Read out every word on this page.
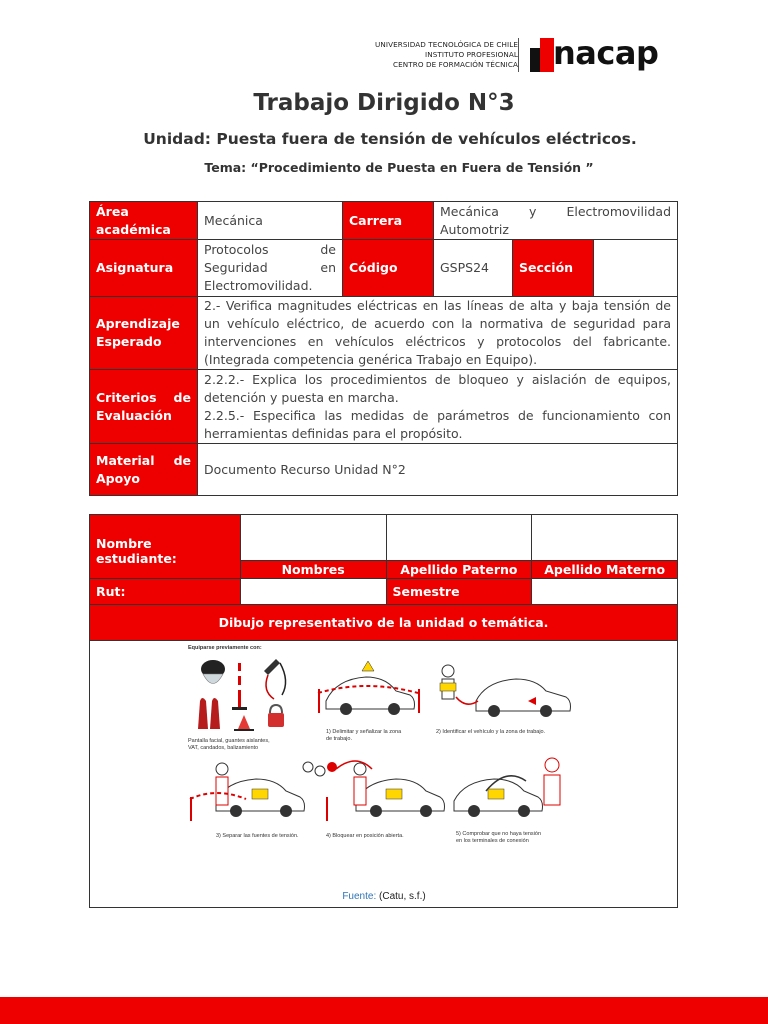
UNIVERSIDAD TECNOLÓGICA DE CHILE
INSTITUTO PROFESIONAL
CENTRO DE FORMACIÓN TÉCNICA nacap
Trabajo Dirigido N°3
Unidad: Puesta fuera de tensión de vehículos eléctricos.
Tema: “Procedimiento de Puesta en Fuera de Tensión ”
Área académica	Mecánica	Carrera	Mecánica y Electromovilidad Automotriz
Asignatura	Protocolos de Seguridad en Electromovilidad.	Código	GSPS24	Sección	

Aprendizaje Esperado	2.- Verifica magnitudes eléctricas en las líneas de alta y baja tensión de un vehículo eléctrico, de acuerdo con la normativa de seguridad para intervenciones en vehículos eléctricos y protocolos del fabricante. (Integrada competencia genérica Trabajo en Equipo).
Criterios de Evaluación	
2.2.2.- Explica los procedimientos de bloqueo y aislación de equipos, detención y puesta en marcha.
2.2.5.- Especifica las medidas de parámetros de funcionamiento con herramientas definidas para el propósito.

Material de Apoyo	Documento Recurso Unidad N°2
Nombre estudiante:			
	Nombres	Apellido Paterno	Apellido Materno
Rut:		Semestre	
Dibujo representativo de la unidad o temática.			
Equiparse previamente con:
Pantalla facial, guantes aislantes,
VAT, candados, balizamiento
1) Delimitar y señalizar la zona
de trabajo.
2) Identificar el vehículo y la zona de trabajo.
3) Separar las fuentes de tensión.	4) Bloquear en posición abierta.	5) Comprobar que no haya tensión
en los terminales de conexión
Fuente: (Catu, s.f.)
